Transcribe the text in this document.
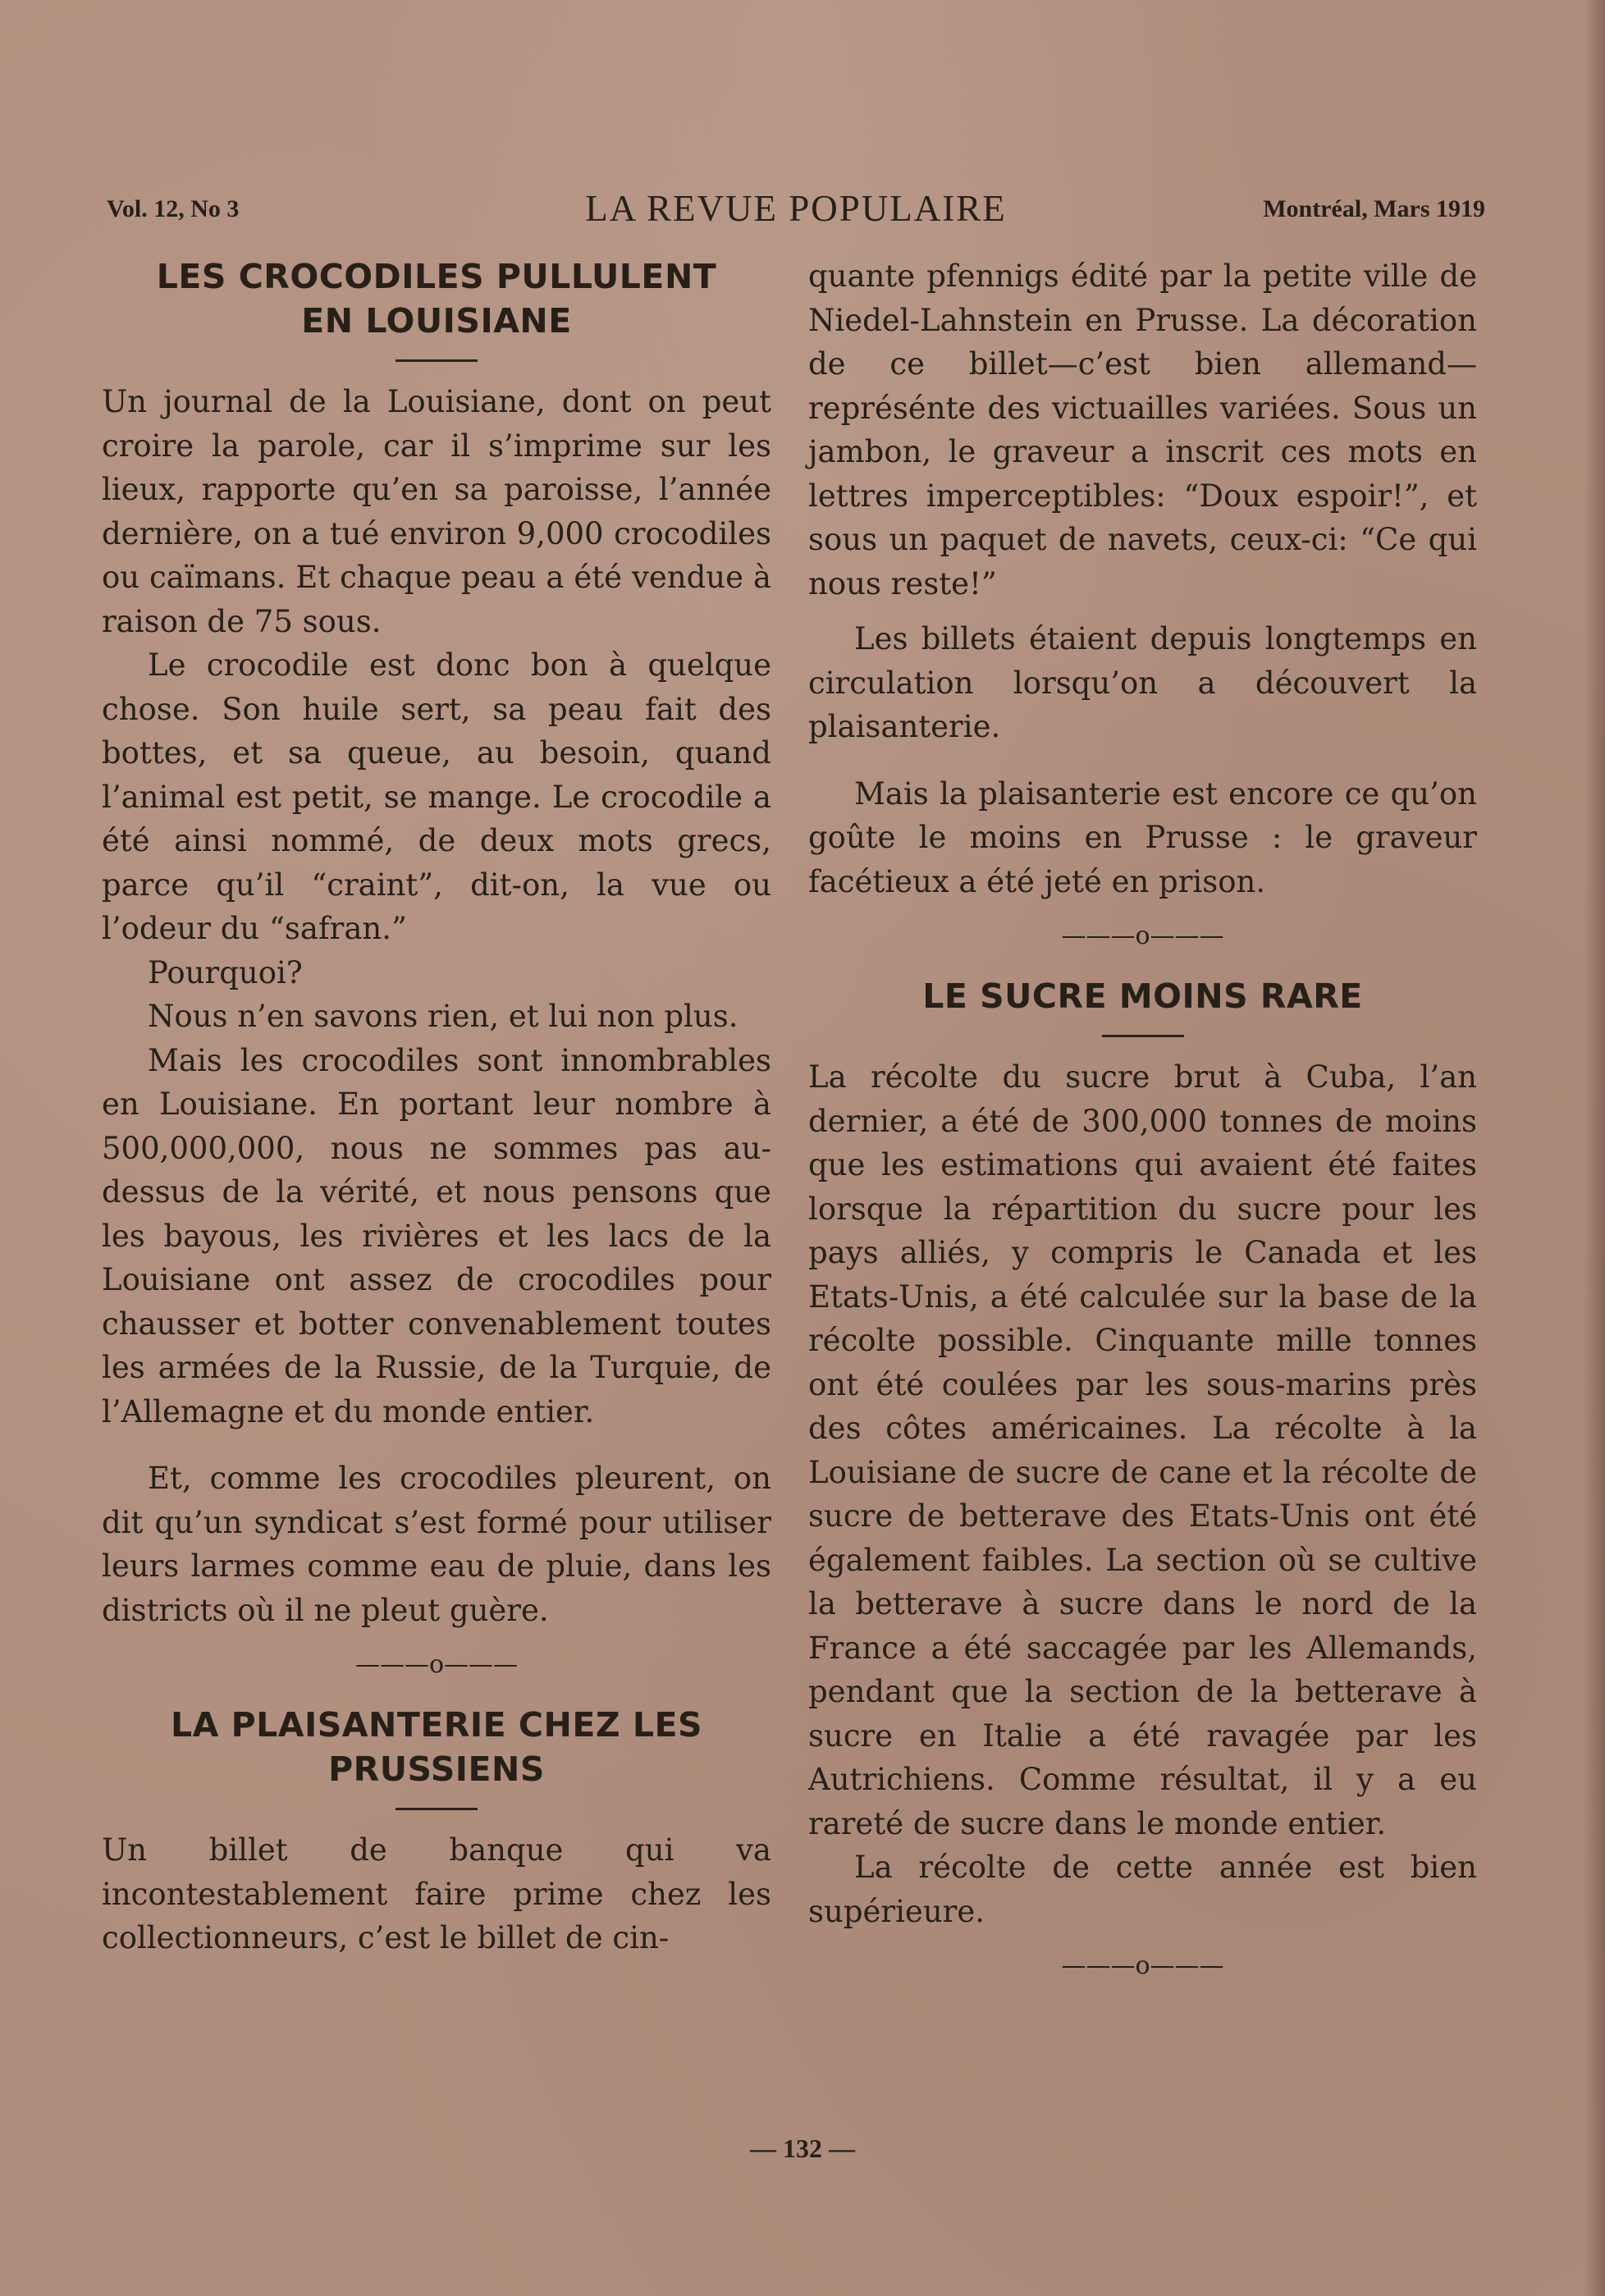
Vol. 12, No 3	LA REVUE POPULAIRE	Montréal, Mars 1919
LES CROCODILES PULLULENT EN LOUISIANE

Un journal de la Louisiane, dont on peut croire la parole, car il s’imprime sur les lieux, rapporte qu’en sa paroisse, l’année dernière, on a tué environ 9,000 crocodiles ou caïmans. Et chaque peau a été vendue à raison de 75 sous.

Le crocodile est donc bon à quelque chose. Son huile sert, sa peau fait des bottes, et sa queue, au besoin, quand l’animal est petit, se mange. Le crocodile a été ainsi nommé, de deux mots grecs, parce qu’il “craint”, dit-on, la vue ou l’odeur du “safran.”

Pourquoi?

Nous n’en savons rien, et lui non plus.

Mais les crocodiles sont innombrables en Louisiane. En portant leur nombre à 500,000,000, nous ne sommes pas au-dessus de la vérité, et nous pensons que les bayous, les rivières et les lacs de la Louisiane ont assez de crocodiles pour chausser et botter convenablement toutes les armées de la Russie, de la Turquie, de l’Allemagne et du monde entier.

Et, comme les crocodiles pleurent, on dit qu’un syndicat s’est formé pour utiliser leurs larmes comme eau de pluie, dans les districts où il ne pleut guère.

———o———
LA PLAISANTERIE CHEZ LES PRUSSIENS

Un billet de banque qui va incontestablement faire prime chez les collectionneurs, c’est le billet de cin-

quante pfennigs édité par la petite ville de Niedel-Lahnstein en Prusse. La décoration de ce billet—c’est bien allemand—représénte des victuailles variées. Sous un jambon, le graveur a inscrit ces mots en lettres imperceptibles: “Doux espoir!”, et sous un paquet de navets, ceux-ci: “Ce qui nous reste!”

Les billets étaient depuis longtemps en circulation lorsqu’on a découvert la plaisanterie.

Mais la plaisanterie est encore ce qu’on goûte le moins en Prusse : le graveur facétieux a été jeté en prison.

———o———
LE SUCRE MOINS RARE

La récolte du sucre brut à Cuba, l’an dernier, a été de 300,000 tonnes de moins que les estimations qui avaient été faites lorsque la répartition du sucre pour les pays alliés, y compris le Canada et les Etats-Unis, a été calculée sur la base de la récolte possible. Cinquante mille tonnes ont été coulées par les sous-marins près des côtes américaines. La récolte à la Louisiane de sucre de cane et la récolte de sucre de betterave des Etats-Unis ont été également faibles. La section où se cultive la betterave à sucre dans le nord de la France a été saccagée par les Allemands, pendant que la section de la betterave à sucre en Italie a été ravagée par les Autrichiens. Comme résultat, il y a eu rareté de sucre dans le monde entier.

La récolte de cette année est bien supérieure.

———o———
— 132 —
